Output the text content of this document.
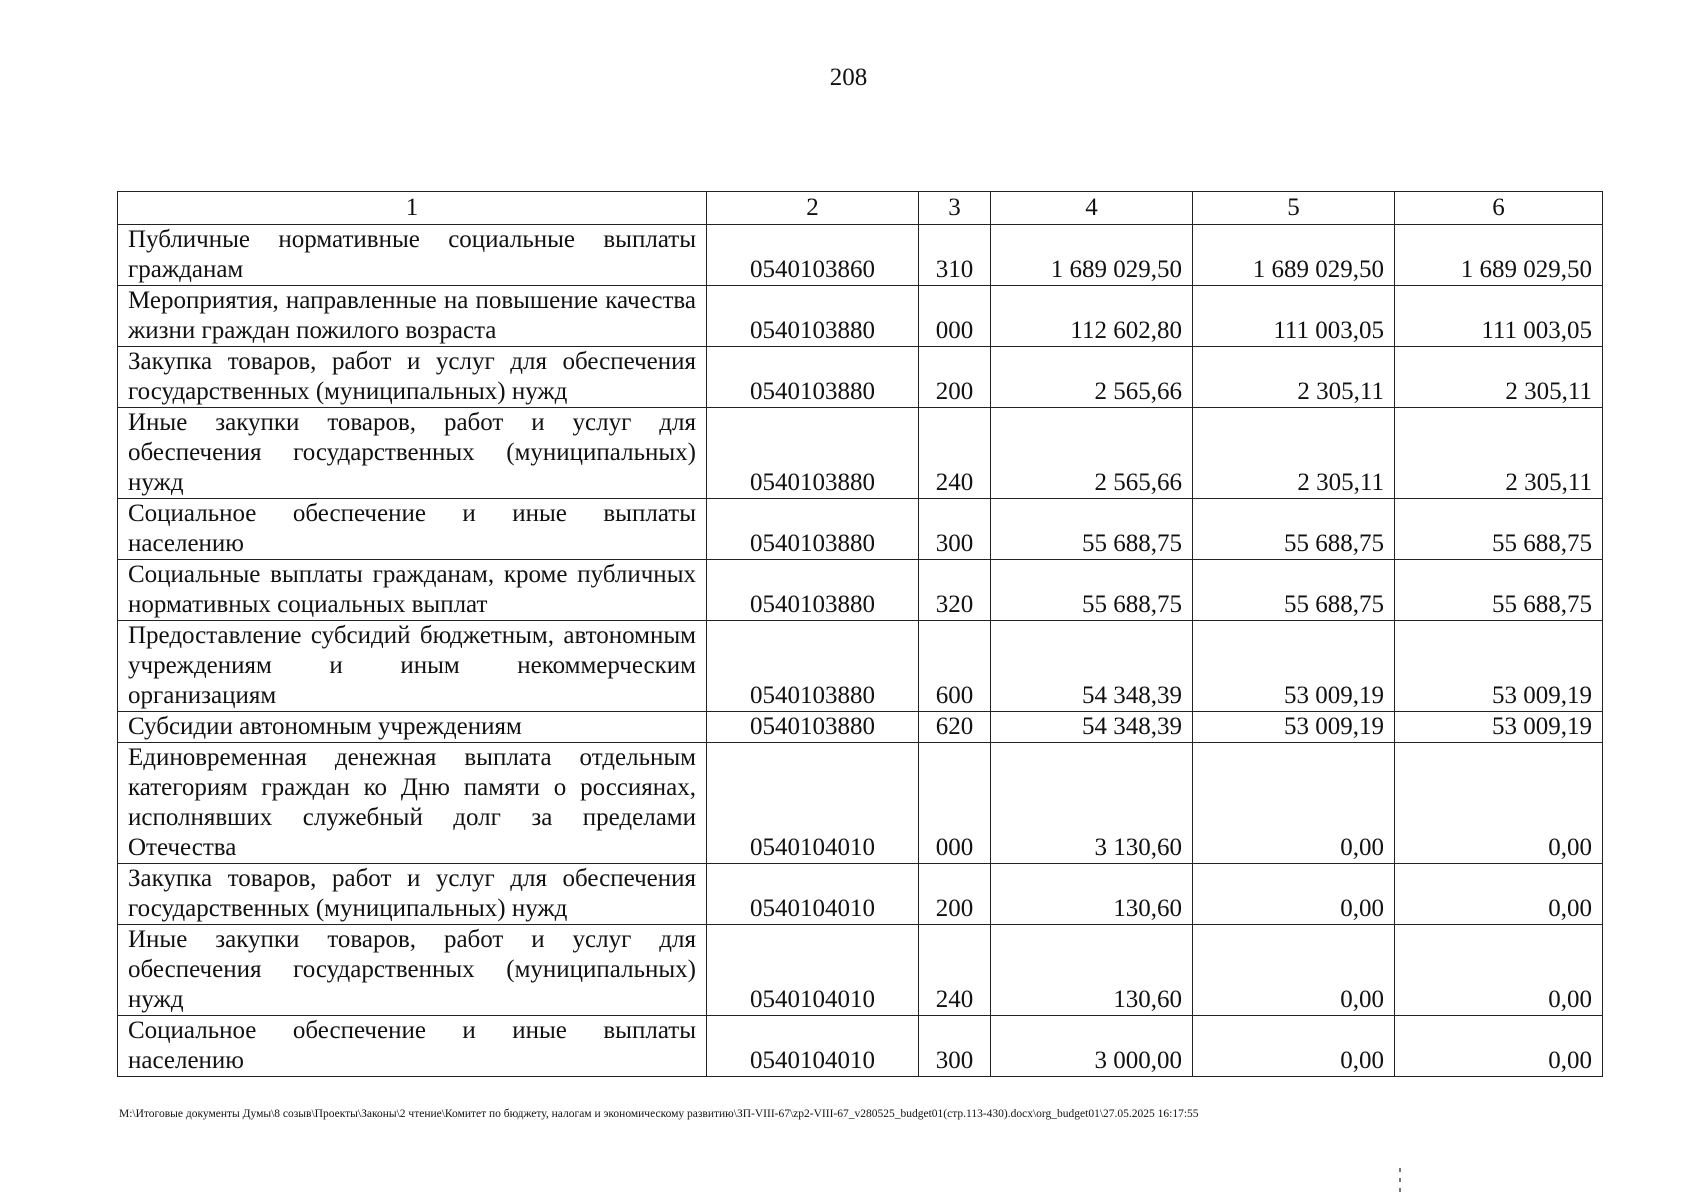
208
1	2	3	4	5	6
Публичные нормативные социальные выплаты гражданам	0540103860	310	1 689 029,50	1 689 029,50	1 689 029,50
Мероприятия, направленные на повышение качества жизни граждан пожилого возраста	0540103880	000	112 602,80	111 003,05	111 003,05
Закупка товаров, работ и услуг для обеспечения государственных (муниципальных) нужд	0540103880	200	2 565,66	2 305,11	2 305,11
Иные закупки товаров, работ и услуг для обеспечения государственных (муниципальных) нужд	0540103880	240	2 565,66	2 305,11	2 305,11
Социальное обеспечение и иные выплаты населению	0540103880	300	55 688,75	55 688,75	55 688,75
Социальные выплаты гражданам, кроме публичных нормативных социальных выплат	0540103880	320	55 688,75	55 688,75	55 688,75
Предоставление субсидий бюджетным, автономным учреждениям и иным некоммерческим организациям	0540103880	600	54 348,39	53 009,19	53 009,19
Субсидии автономным учреждениям	0540103880	620	54 348,39	53 009,19	53 009,19
Единовременная денежная выплата отдельным категориям граждан ко Дню памяти о россиянах, исполнявших служебный долг за пределами Отечества	0540104010	000	3 130,60	0,00	0,00
Закупка товаров, работ и услуг для обеспечения государственных (муниципальных) нужд	0540104010	200	130,60	0,00	0,00
Иные закупки товаров, работ и услуг для обеспечения государственных (муниципальных) нужд	0540104010	240	130,60	0,00	0,00
Социальное обеспечение и иные выплаты населению	0540104010	300	3 000,00	0,00	0,00
M:\Итоговые документы Думы\8 созыв\Проекты\Законы\2 чтение\Комитет по бюджету, налогам и экономическому развитию\ЗП-VIII-67\zp2-VIII-67_v280525_budget01(стр.113-430).docx\org_budget01\27.05.2025 16:17:55
